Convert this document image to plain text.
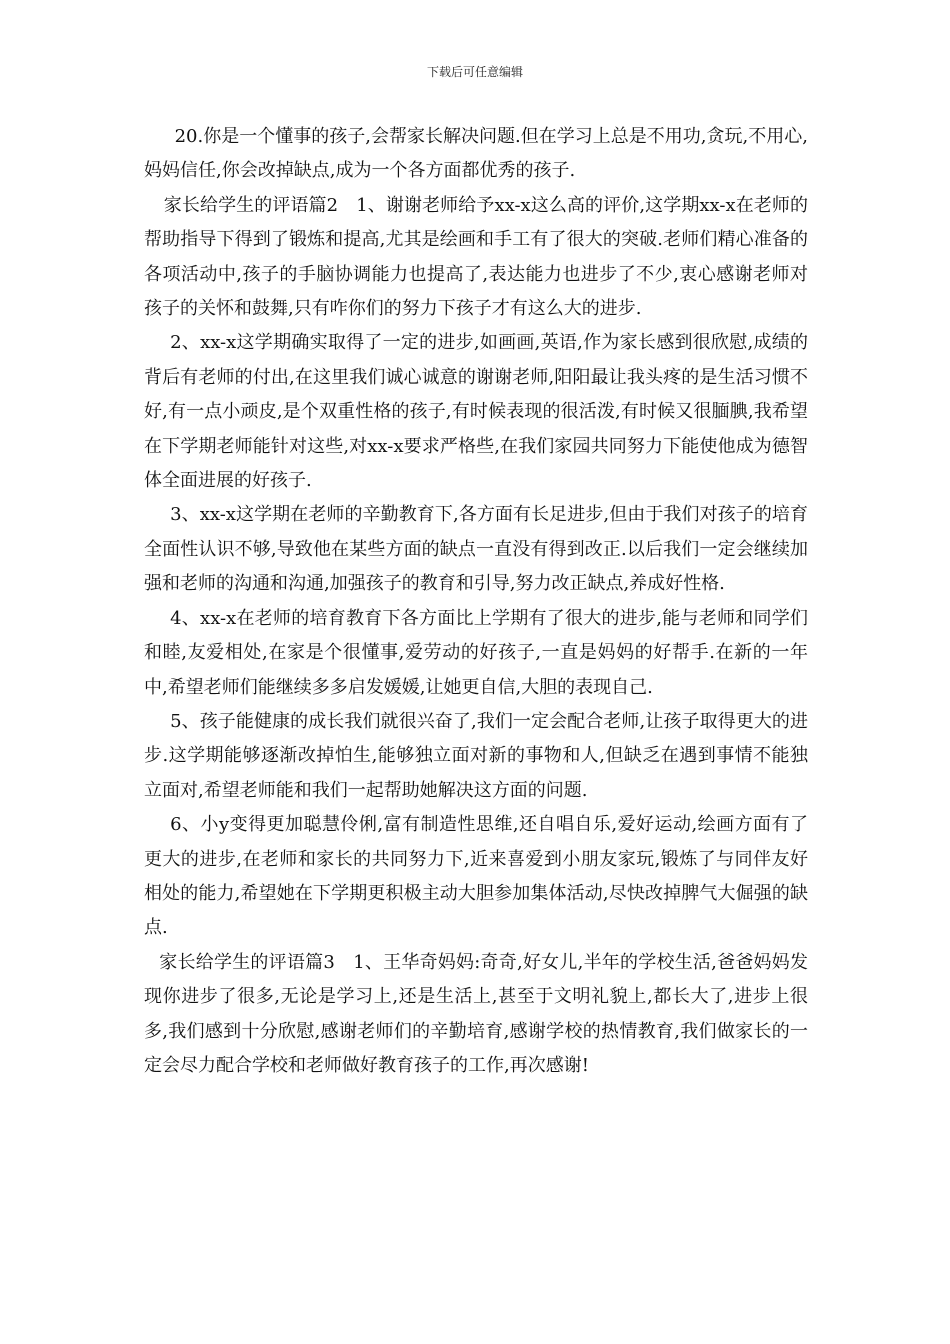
下载后可任意编辑

20.你是一个懂事的孩子,会帮家长解决问题.但在学习上总是不用功,贪玩,不用心,妈妈信任,你会改掉缺点,成为一个各方面都优秀的孩子.

家长给学生的评语篇2　1、谢谢老师给予xx-x这么高的评价,这学期xx-x在老师的帮助指导下得到了锻炼和提高,尤其是绘画和手工有了很大的突破.老师们精心准备的各项活动中,孩子的手脑协调能力也提高了,表达能力也进步了不少,衷心感谢老师对孩子的关怀和鼓舞,只有咋你们的努力下孩子才有这么大的进步.

2、xx-x这学期确实取得了一定的进步,如画画,英语,作为家长感到很欣慰,成绩的背后有老师的付出,在这里我们诚心诚意的谢谢老师,阳阳最让我头疼的是生活习惯不好,有一点小顽皮,是个双重性格的孩子,有时候表现的很活泼,有时候又很腼腆,我希望在下学期老师能针对这些,对xx-x要求严格些,在我们家园共同努力下能使他成为德智体全面进展的好孩子.

3、xx-x这学期在老师的辛勤教育下,各方面有长足进步,但由于我们对孩子的培育全面性认识不够,导致他在某些方面的缺点一直没有得到改正.以后我们一定会继续加强和老师的沟通和沟通,加强孩子的教育和引导,努力改正缺点,养成好性格.

4、xx-x在老师的培育教育下各方面比上学期有了很大的进步,能与老师和同学们和睦,友爱相处,在家是个很懂事,爱劳动的好孩子,一直是妈妈的好帮手.在新的一年中,希望老师们能继续多多启发媛媛,让她更自信,大胆的表现自己.

5、孩子能健康的成长我们就很兴奋了,我们一定会配合老师,让孩子取得更大的进步.这学期能够逐渐改掉怕生,能够独立面对新的事物和人,但缺乏在遇到事情不能独立面对,希望老师能和我们一起帮助她解决这方面的问题.

6、小y变得更加聪慧伶俐,富有制造性思维,还自唱自乐,爱好运动,绘画方面有了更大的进步,在老师和家长的共同努力下,近来喜爱到小朋友家玩,锻炼了与同伴友好相处的能力,希望她在下学期更积极主动大胆参加集体活动,尽快改掉脾气大倔强的缺点.

家长给学生的评语篇3　1、王华奇妈妈:奇奇,好女儿,半年的学校生活,爸爸妈妈发现你进步了很多,无论是学习上,还是生活上,甚至于文明礼貌上,都长大了,进步上很多,我们感到十分欣慰,感谢老师们的辛勤培育,感谢学校的热情教育,我们做家长的一定会尽力配合学校和老师做好教育孩子的工作,再次感谢!
